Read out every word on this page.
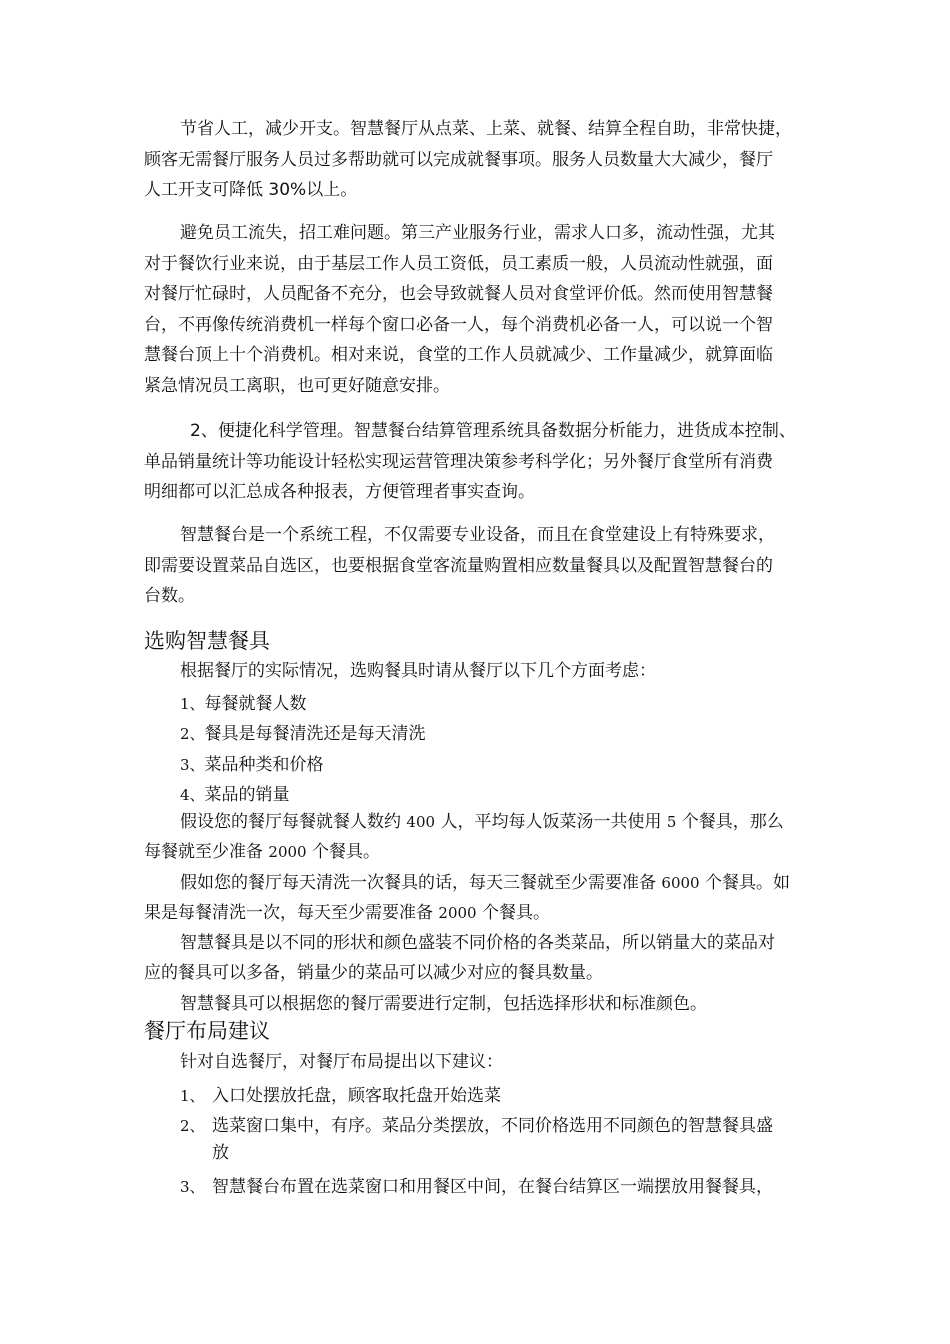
节省人工，减少开支。智慧餐厅从点菜、上菜、就餐、结算全程自助，非常快捷，
顾客无需餐厅服务人员过多帮助就可以完成就餐事项。服务人员数量大大减少，餐厅
人工开支可降低 30%以上。
避免员工流失，招工难问题。第三产业服务行业，需求人口多，流动性强，尤其
对于餐饮行业来说，由于基层工作人员工资低，员工素质一般，人员流动性就强，面
对餐厅忙碌时，人员配备不充分，也会导致就餐人员对食堂评价低。然而使用智慧餐
台，不再像传统消费机一样每个窗口必备一人，每个消费机必备一人，可以说一个智
慧餐台顶上十个消费机。相对来说，食堂的工作人员就减少、工作量减少，就算面临
紧急情况员工离职，也可更好随意安排。
2、便捷化科学管理。智慧餐台结算管理系统具备数据分析能力，进货成本控制、
单品销量统计等功能设计轻松实现运营管理决策参考科学化；另外餐厅食堂所有消费
明细都可以汇总成各种报表，方便管理者事实查询。
智慧餐台是一个系统工程，不仅需要专业设备，而且在食堂建设上有特殊要求，
即需要设置菜品自选区，也要根据食堂客流量购置相应数量餐具以及配置智慧餐台的
台数。
选购智慧餐具

根据餐厅的实际情况，选购餐具时请从餐厅以下几个方面考虑：

1、每餐就餐人数

2、餐具是每餐清洗还是每天清洗

3、菜品种类和价格

4、菜品的销量

假设您的餐厅每餐就餐人数约 400 人，平均每人饭菜汤一共使用 5 个餐具，那么
每餐就至少准备 2000 个餐具。
假如您的餐厅每天清洗一次餐具的话，每天三餐就至少需要准备 6000 个餐具。如
果是每餐清洗一次，每天至少需要准备 2000 个餐具。
智慧餐具是以不同的形状和颜色盛装不同价格的各类菜品，所以销量大的菜品对
应的餐具可以多备，销量少的菜品可以减少对应的餐具数量。
智慧餐具可以根据您的餐厅需要进行定制，包括选择形状和标准颜色。
餐厅布局建议

针对自选餐厅，对餐厅布局提出以下建议：

1、 入口处摆放托盘，顾客取托盘开始选菜

2、 选菜窗口集中，有序。菜品分类摆放，不同价格选用不同颜色的智慧餐具盛

放

3、 智慧餐台布置在选菜窗口和用餐区中间，在餐台结算区一端摆放用餐餐具，
